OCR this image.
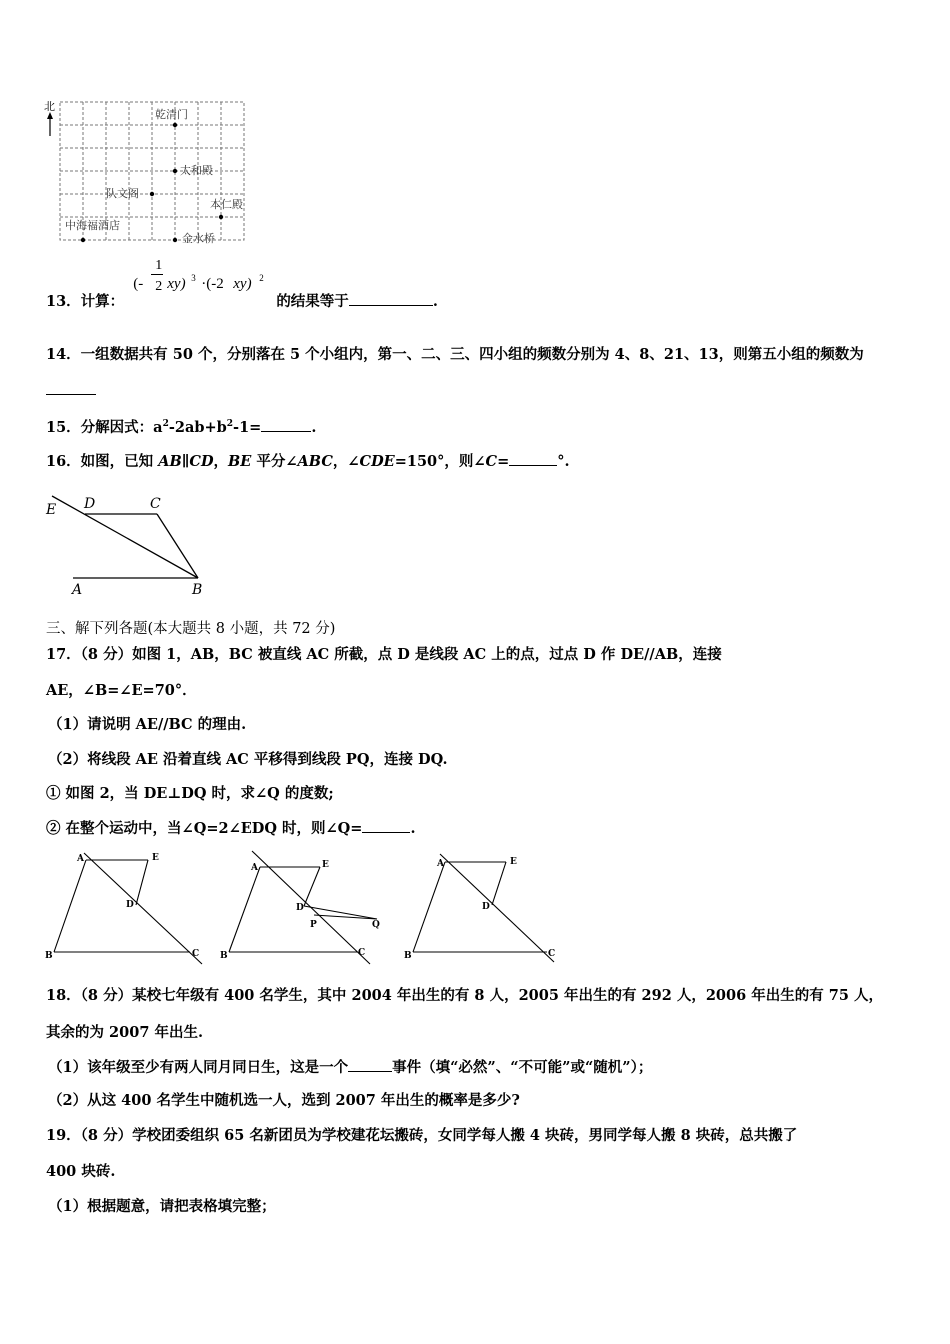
北
乾清门
太和殿
队文阁
本仁殿
中海福酒店
金水桥
13．计算：
(-
1
2 xy) 3 ·(-2 xy) 2
的结果等于	.
14．一组数据共有 50 个，分别落在 5 个小组内，第一、二、三、四小组的频数分别为 4、8、21、13，则第五小组的频数为
15．分解因式：$a^2-2ab+b^2-1=$	.
16．如图，已知 AB∥CD，BE 平分∠ABC，∠CDE=150°，则∠C=	°.
E D	C
A	B
三、解下列各题(本大题共 8 小题，共 72 分)
17．（8 分）如图 1，AB，BC 被直线 AC 所截，点 D 是线段 AC 上的点，过点 D 作 DE//AB，连接
AE，∠B=∠E=70°．
（1）请说明 AE//BC 的理由.
（2）将线段 AE 沿着直线 AC 平移得到线段 PQ，连接 DQ.
① 如图 2，当 DE⊥DQ 时，求∠Q 的度数;
② 在整个运动中，当∠Q=2∠EDQ 时，则∠Q=	.
A	E
D
B	C
A	E
D
P	Q
B	C
A	E
D
B	C
18．（8 分）某校七年级有 400 名学生，其中 2004 年出生的有 8 人，2005 年出生的有 292 人，2006 年出生的有 75 人，
其余的为 2007 年出生.
（1）该年级至少有两人同月同日生，这是一个	事件（填“必然”、“不可能”或“随机”）；
（2）从这 400 名学生中随机选一人，选到 2007 年出生的概率是多少?
19．（8 分）学校团委组织 65 名新团员为学校建花坛搬砖，女同学每人搬 4 块砖，男同学每人搬 8 块砖，总共搬了
400 块砖.
（1）根据题意，请把表格填完整；
